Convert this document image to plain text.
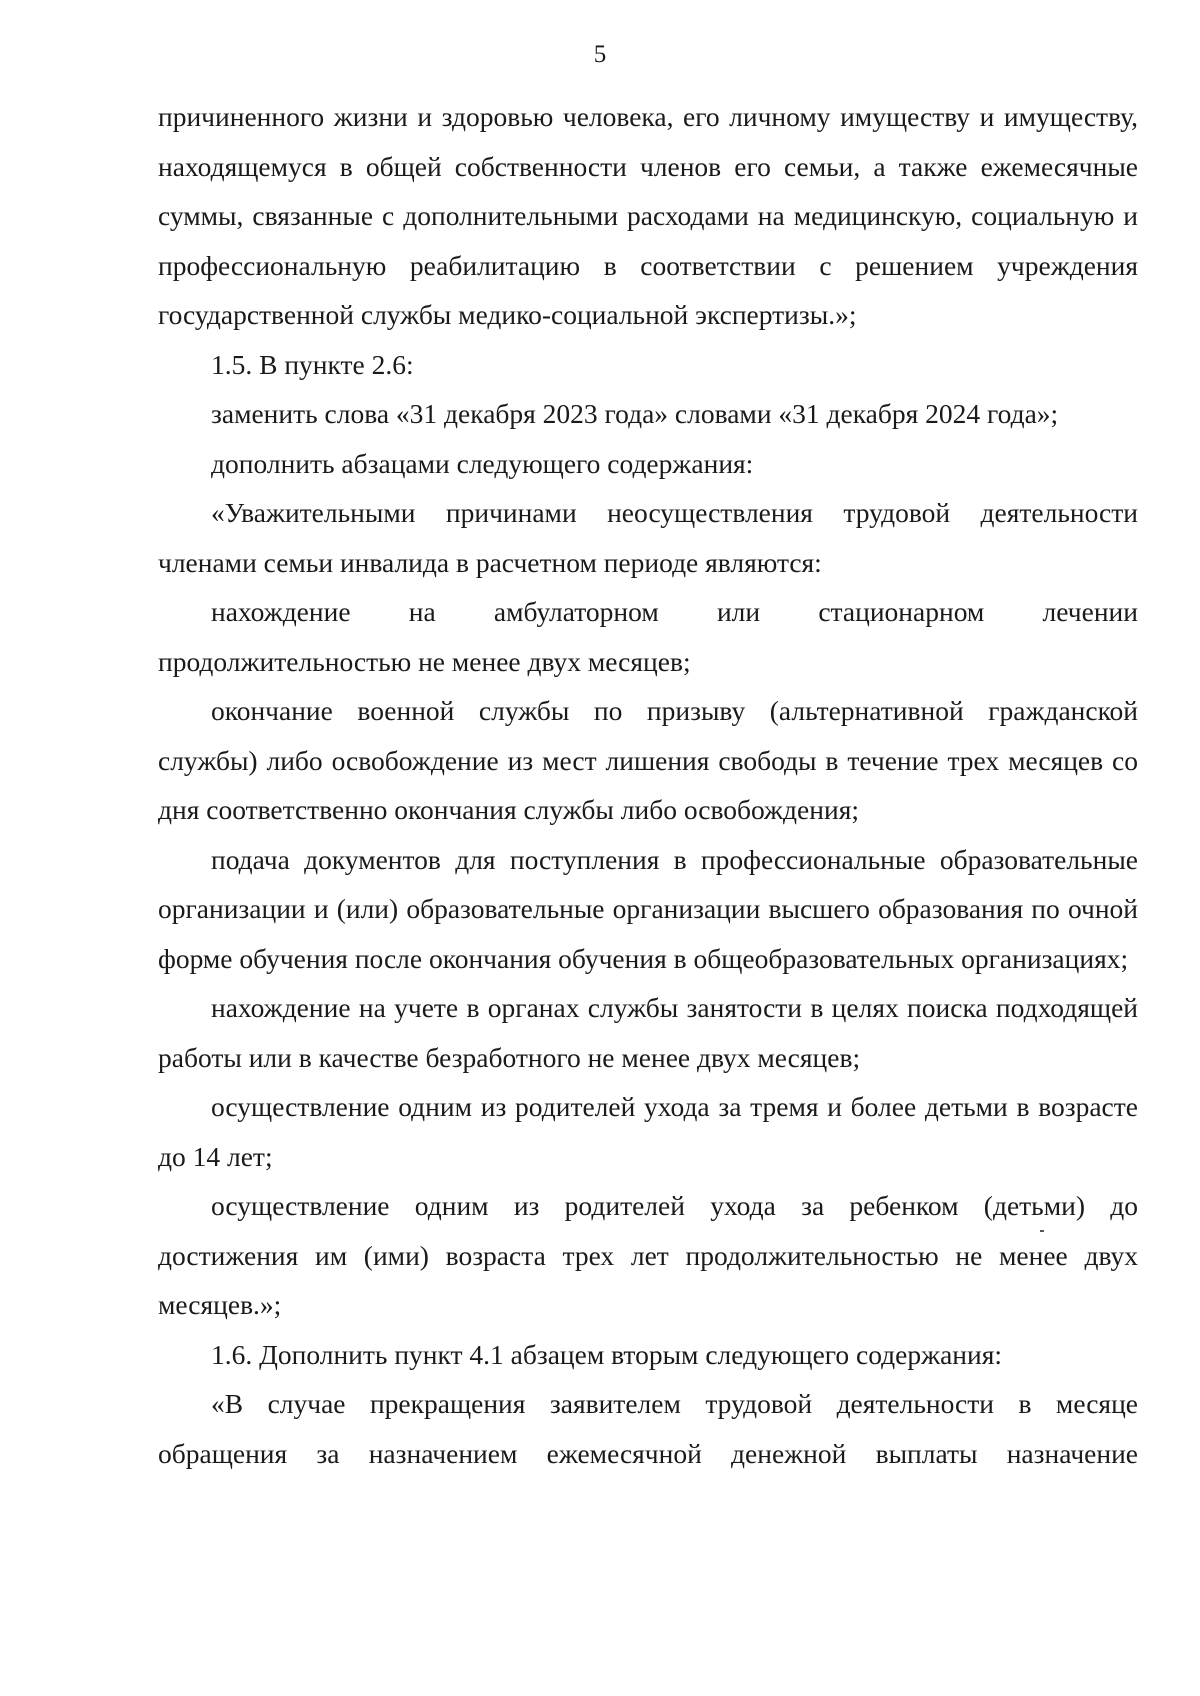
5

причиненного жизни и здоровью человека, его личному имуществу и имуществу, находящемуся в общей собственности членов его семьи, а также ежемесячные суммы, связанные с дополнительными расходами на медицинскую, социальную и профессиональную реабилитацию в соответствии с решением учреждения государственной службы медико-социальной экспертизы.»;

1.5. В пункте 2.6:

заменить слова «31 декабря 2023 года» словами «31 декабря 2024 года»;

дополнить абзацами следующего содержания:

«Уважительными причинами неосуществления трудовой деятельности членами семьи инвалида в расчетном периоде являются:

нахождение на амбулаторном или стационарном лечении продолжительностью не менее двух месяцев;

окончание военной службы по призыву (альтернативной гражданской службы) либо освобождение из мест лишения свободы в течение трех месяцев со дня соответственно окончания службы либо освобождения;

подача документов для поступления в профессиональные образовательные организации и (или) образовательные организации высшего образования по очной форме обучения после окончания обучения в общеобразовательных организациях;

нахождение на учете в органах службы занятости в целях поиска подходящей работы или в качестве безработного не менее двух месяцев;

осуществление одним из родителей ухода за тремя и более детьми в возрасте до 14 лет;

осуществление одним из родителей ухода за ребенком (детьми) до достижения им (ими) возраста трех лет продолжительностью не менее двух месяцев.»;

1.6. Дополнить пункт 4.1 абзацем вторым следующего содержания:

«В случае прекращения заявителем трудовой деятельности в месяце обращения за назначением ежемесячной денежной выплаты назначение
